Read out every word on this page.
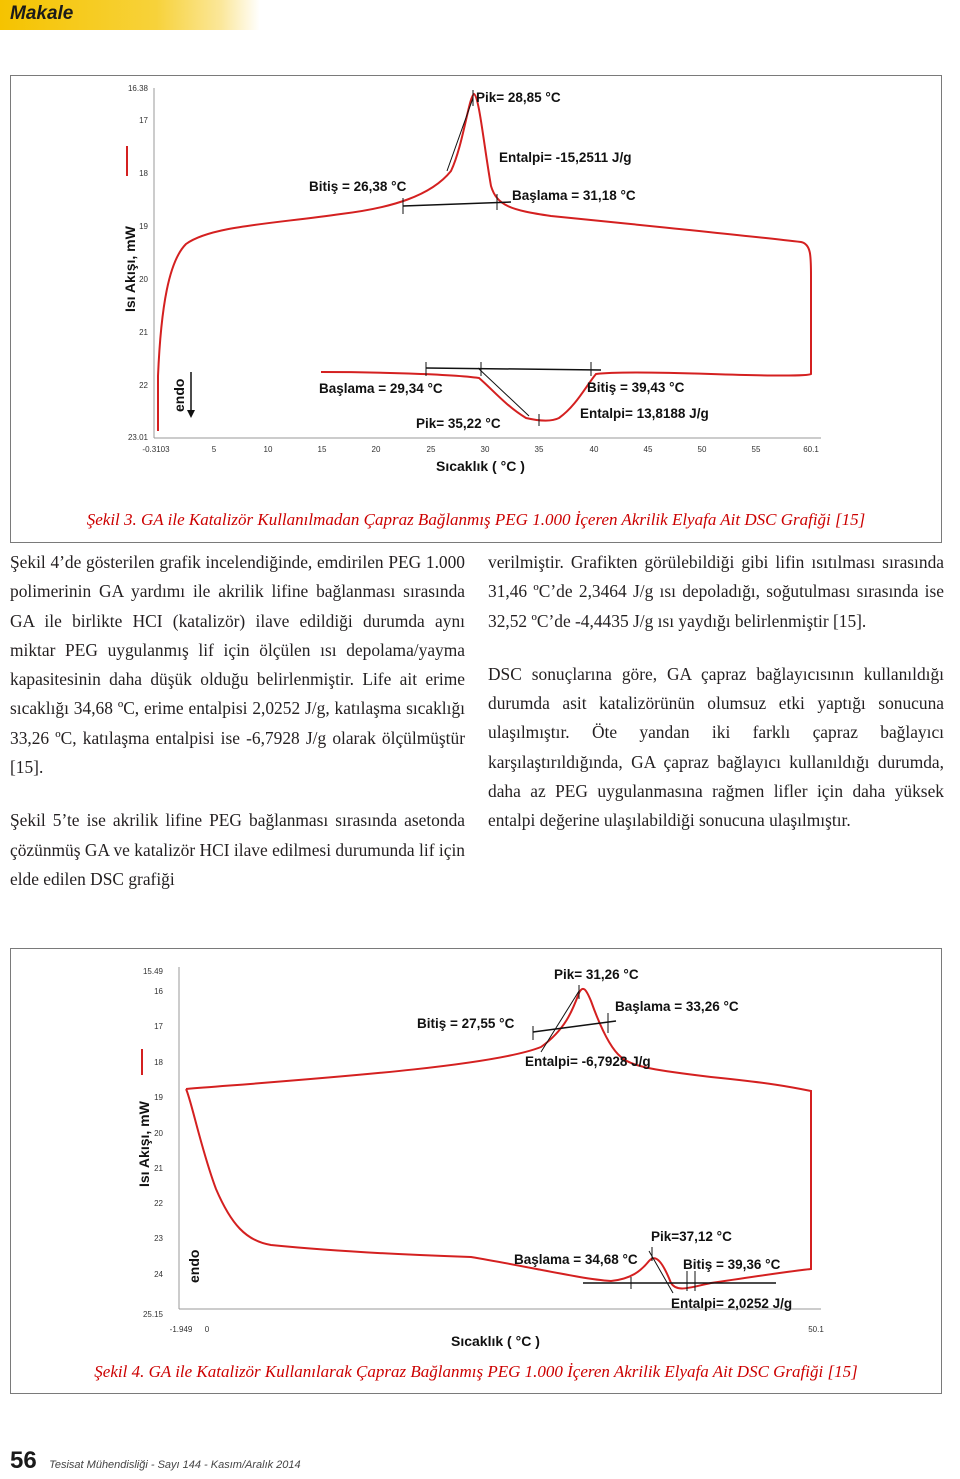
Makale
16.38
17
18
19
20
21
22
23.01
-0.3103	5	10	15	20	25	30	35	40	45	50	55	60.1
Isı Akışı, mW
endo
Pik= 28,85 °C
Entalpi= -15,2511 J/g
Bitiş = 26,38 °C
Başlama = 31,18 °C
Başlama = 29,34 °C	Bitiş = 39,43 °C
Entalpi= 13,8188 J/g
Pik= 35,22 °C
Sıcaklık ( °C )
Şekil 3. GA ile Katalizör Kullanılmadan Çapraz Bağlanmış PEG 1.000 İçeren Akrilik Elyafa Ait DSC Grafiği [15]

Şekil 4’de gösterilen grafik incelendiğinde, emdirilen PEG 1.000 polimerinin GA yardımı ile akrilik lifine bağlanması sırasında GA ile birlikte HCI (katalizör) ilave edildiği durumda aynı miktar PEG uygulanmış lif için ölçülen ısı depolama/yayma kapasitesinin daha düşük olduğu belirlenmiştir. Life ait erime sıcaklığı 34,68 ºC, erime entalpisi 2,0252 J/g, katılaşma sıcaklığı 33,26 ºC, katılaşma entalpisi ise -6,7928 J/g olarak ölçülmüştür [15].

Şekil 5’te ise akrilik lifine PEG bağlanması sırasında asetonda çözünmüş GA ve katalizör HCI ilave edilmesi durumunda lif için elde edilen DSC grafiği

verilmiştir. Grafikten görülebildiği gibi lifin ısıtılması sırasında 31,46 ºC’de 2,3464 J/g ısı depoladığı, soğutulması sırasında ise 32,52 ºC’de -4,4435 J/g ısı yaydığı belirlenmiştir [15].

DSC sonuçlarına göre, GA çapraz bağlayıcısının kullanıldığı durumda asit katalizörünün olumsuz etki yaptığı sonucuna ulaşılmıştır. Öte yandan iki farklı çapraz bağlayıcı karşılaştırıldığında, GA çapraz bağlayıcı kullanıldığı durumda, daha az PEG uygulanmasına rağmen lifler için daha yüksek entalpi değerine ulaşılabildiği sonucuna ulaşılmıştır.

15.49
16
17
18
19
20
21
22
23
24
25.15
-1.949 0	50.1
Isı Akışı, mW
endo
Pik= 31,26 °C
Başlama = 33,26 °C
Bitiş = 27,55 °C
Entalpi= -6,7928 J/g
Pik=37,12 °C
Başlama = 34,68 °C	Bitiş = 39,36 °C
Entalpi= 2,0252 J/g
Sıcaklık ( °C )
Şekil 4. GA ile Katalizör Kullanılarak Çapraz Bağlanmış PEG 1.000 İçeren Akrilik Elyafa Ait DSC Grafiği [15]
56 Tesisat Mühendisliği - Sayı 144 - Kasım/Aralık 2014
